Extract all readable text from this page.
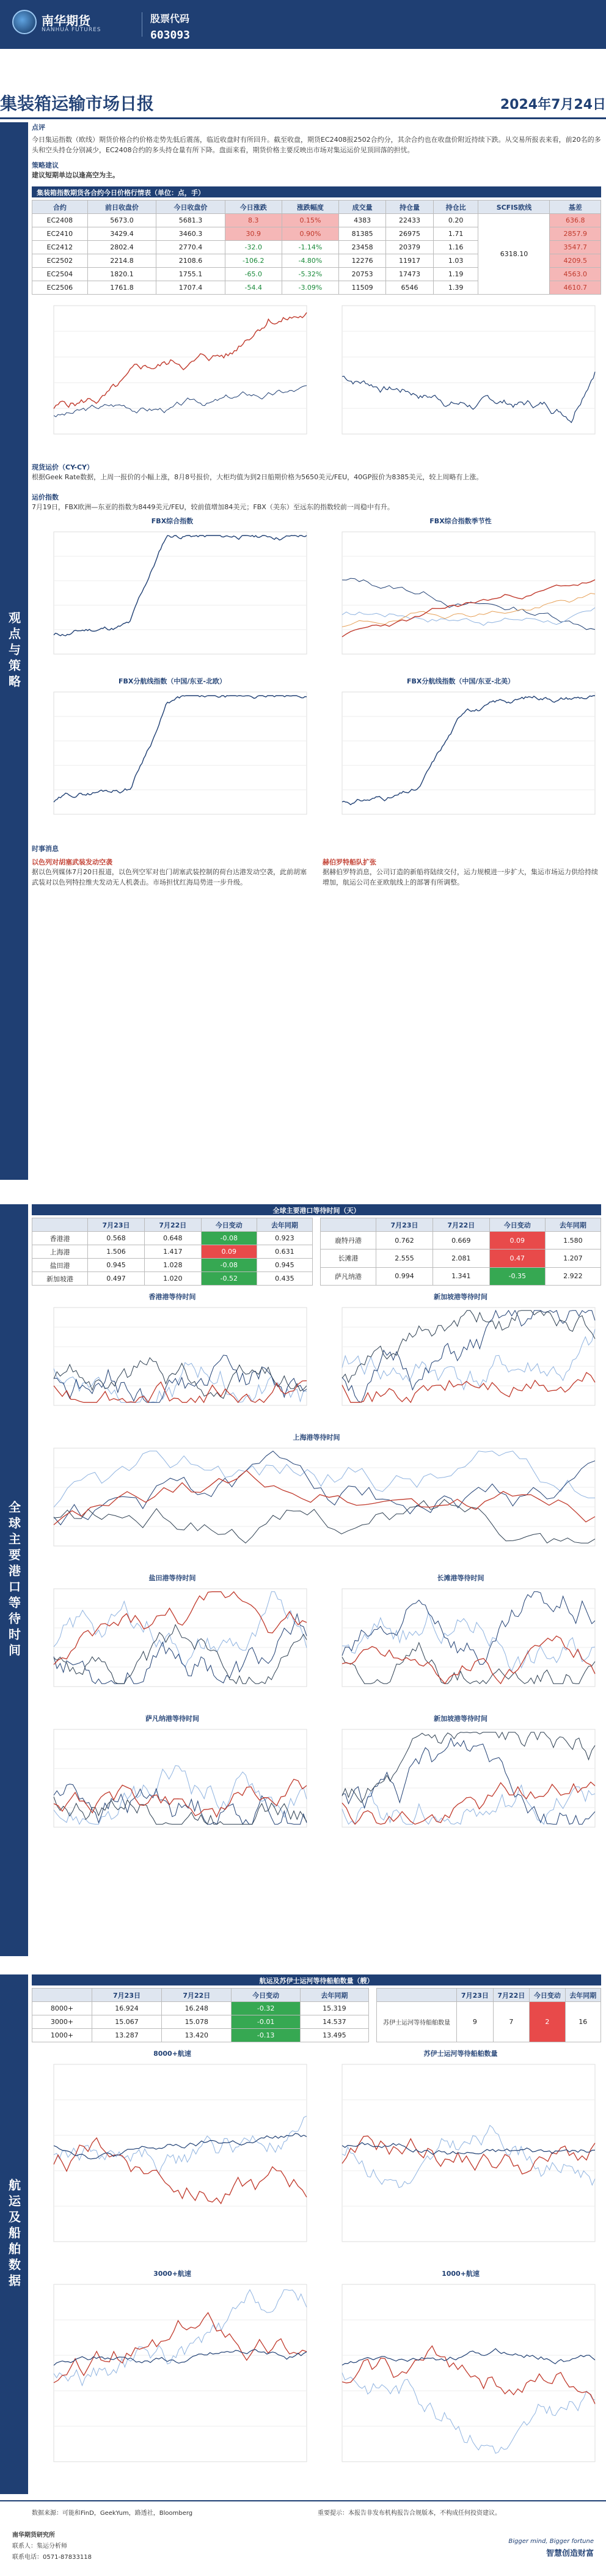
南华期货
NANHUA FUTURES
股票代码
603093
集装箱运输市场日报	2024年7月24日
观点与策略
点评
今日集运指数（欧线）期货价格合约价格走势先低后震荡，临近收盘时有所回升。截至收盘，期货EC2408报2502合约分，其余合约也在收盘价附近持续下跌。从交易所报表来看，前20名的多头和空头持仓分别减少，EC2408合约的多头持仓量有所下降。盘面来看，期货价格主要反映出市场对集运运价见顶回落的担忧。
策略建议
建议短期单边以逢高空为主。
集装箱指数期货各合约今日价格行情表（单位：点，手）
合约	前日收盘价	今日收盘价	今日涨跌	涨跌幅度	成交量	持仓量	持仓比	SCFIS欧线	基差
EC2408	5673.0	5681.3	8.3	0.15%	4383	22433	0.20	6318.10	636.8
EC2410	3429.4	3460.3	30.9	0.90%	81385	26975	1.71		2857.9
EC2412	2802.4	2770.4	-32.0	-1.14%	23458	20379	1.16		3547.7
EC2502	2214.8	2108.6	-106.2	-4.80%	12276	11917	1.03		4209.5
EC2504	1820.1	1755.1	-65.0	-5.32%	20753	17473	1.19		4563.0
EC2506	1761.8	1707.4	-54.4	-3.09%	11509	6546	1.39		4610.7
现货运价（CY-CY）
根据Geek Rate数据，上周一报价的小幅上涨，8月8号报价，大柜均值为到2日船期价格为5650美元/FEU，40GP报价为8385美元，较上周略有上涨。
运价指数
7月19日，FBX欧洲—东亚的指数为8449美元/FEU，较前值增加84美元；FBX（美东）至远东的指数较前一周稳中有升。
FBX综合指数	FBX综合指数季节性
FBX分航线指数（中国/东亚-北欧）	FBX分航线指数（中国/东亚-北美）
时事消息
以色列对胡塞武装发动空袭
据以色列媒体7月20日报道，以色列空军对也门胡塞武装控制的荷台达港发动空袭，此前胡塞武装对以色列特拉维夫发动无人机袭击。市场担忧红海局势进一步升级。
赫伯罗特船队扩张
据赫伯罗特消息，公司订造的新船将陆续交付，运力规模进一步扩大，集运市场运力供给持续增加，航运公司在亚欧航线上的部署有所调整。
全球主要港口等待时间
全球主要港口等待时间（天）
	7月23日	7月22日	今日变动	去年同期
香港港	0.568	0.648	-0.08	0.923
上海港	1.506	1.417	0.09	0.631
盐田港	0.945	1.028	-0.08	0.945
新加坡港	0.497	1.020	-0.52	0.435
	7月23日	7月22日	今日变动	去年同期
鹿特丹港	0.762	0.669	0.09	1.580
长滩港	2.555	2.081	0.47	1.207
萨凡纳港	0.994	1.341	-0.35	2.922
香港港等待时间	新加坡港等待时间
上海港等待时间
盐田港等待时间	长滩港等待时间
萨凡纳港等待时间	新加坡港等待时间
航运及船舶数据
航运及苏伊士运河等待船舶数量（艘）
	7月23日	7月22日	今日变动	去年同期
8000+	16.924	16.248	-0.32	15.319
3000+	15.067	15.078	-0.01	14.537
1000+	13.287	13.420	-0.13	13.495
	7月23日	7月22日	今日变动	去年同期
苏伊士运河等待船舶数量	9	7	2	16
8000+航速	苏伊士运河等待船舶数量
3000+航速	1000+航速
数据来源：可能和FinD，GeekYum，路透社，Bloomberg	重要提示：本报告非发布机构报告合规版本，不构成任何投资建议。
南华期货研究所
联系人：集运分析师
联系电话：0571-87833118
Bigger mind, Bigger fortune
智慧创造财富
